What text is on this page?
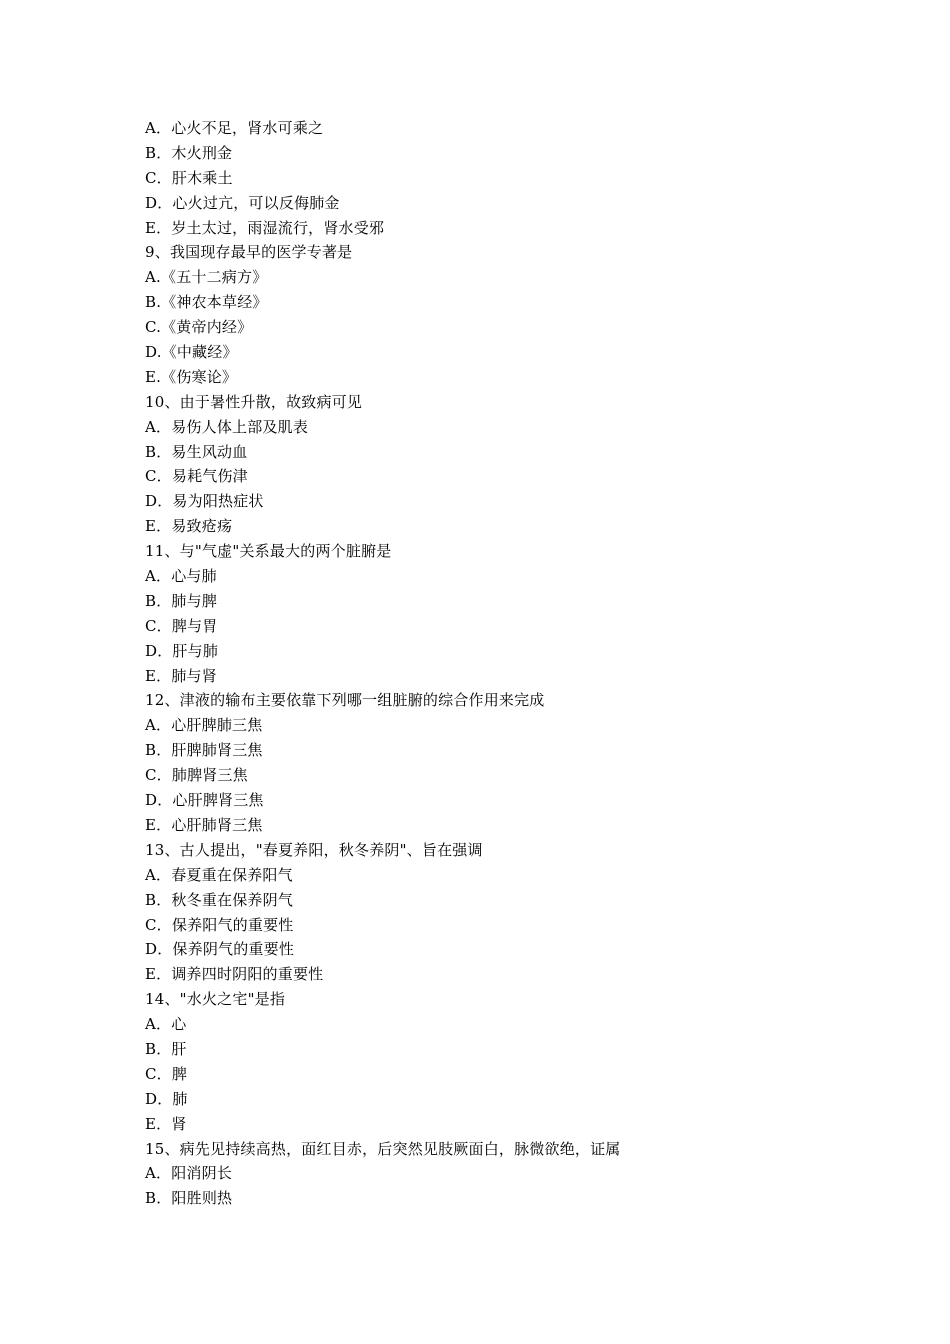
A．心火不足，肾水可乘之
B．木火刑金
C．肝木乘土
D．心火过亢，可以反侮肺金
E．岁土太过，雨湿流行，肾水受邪
9、我国现存最早的医学专著是
A.《五十二病方》
B.《神农本草经》
C.《黄帝内经》
D.《中藏经》
E.《伤寒论》
10、由于暑性升散，故致病可见
A．易伤人体上部及肌表
B．易生风动血
C．易耗气伤津
D．易为阳热症状
E．易致疮疡
11、与"气虚"关系最大的两个脏腑是
A．心与肺
B．肺与脾
C．脾与胃
D．肝与肺
E．肺与肾
12、津液的输布主要依靠下列哪一组脏腑的综合作用来完成
A．心肝脾肺三焦
B．肝脾肺肾三焦
C．肺脾肾三焦
D．心肝脾肾三焦
E．心肝肺肾三焦
13、古人提出，"春夏养阳，秋冬养阴"、旨在强调
A．春夏重在保养阳气
B．秋冬重在保养阴气
C．保养阳气的重要性
D．保养阴气的重要性
E．调养四时阴阳的重要性
14、"水火之宅"是指
A．心
B．肝
C．脾
D．肺
E．肾
15、病先见持续高热，面红目赤，后突然见肢厥面白，脉微欲绝，证属
A．阳消阴长
B．阳胜则热
